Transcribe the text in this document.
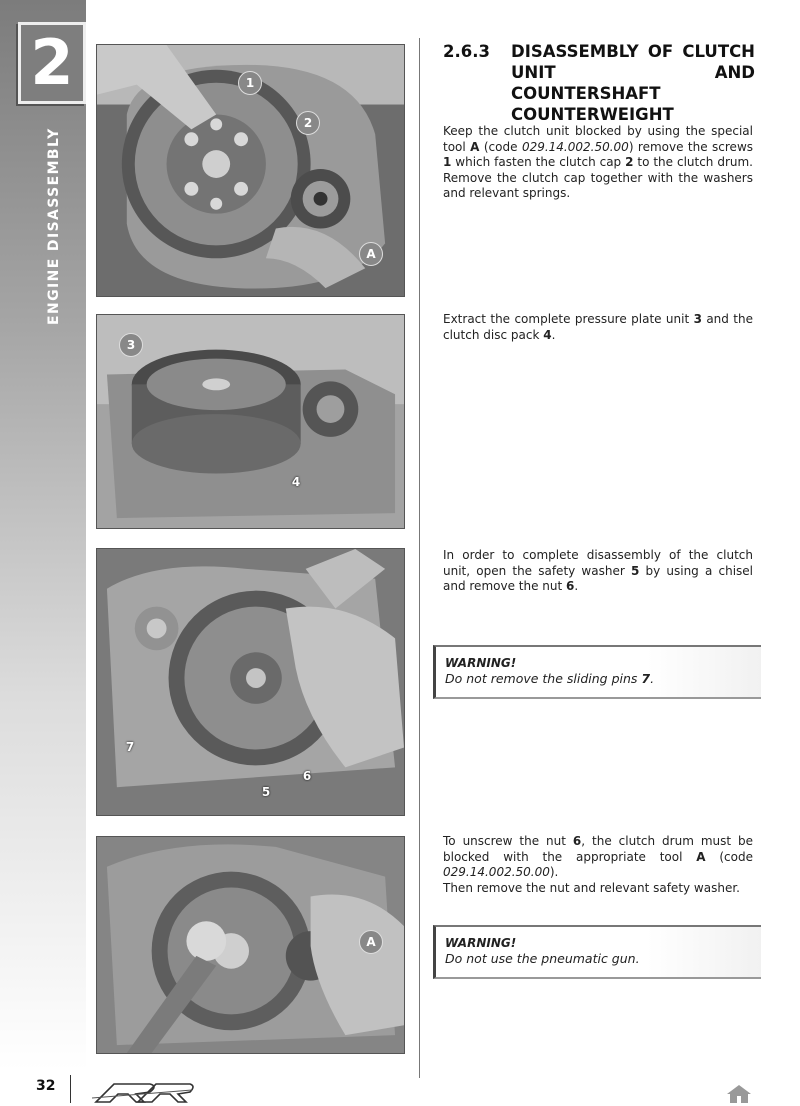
2
ENGINE DISASSEMBLY
1
2
A
3
4
7
6
5
A
2.6.3 DISASSEMBLY OF CLUTCH UNIT AND COUNTERSHAFT COUNTERWEIGHT

Keep the clutch unit blocked by using the special tool A (code 029.14.002.50.00) remove the screws 1 which fasten the clutch cap 2 to the clutch drum. Remove the clutch cap together with the washers and relevant springs.

Extract the complete pressure plate unit 3 and the clutch disc pack 4.

In order to complete disassembly of the clutch unit, open the safety washer 5 by using a chisel and remove the nut 6.

WARNING!
Do not remove the sliding pins 7.

To unscrew the nut 6, the clutch drum must be blocked with the appropriate tool A (code 029.14.002.50.00).
Then remove the nut and relevant safety washer.

WARNING!
Do not use the pneumatic gun.
32
